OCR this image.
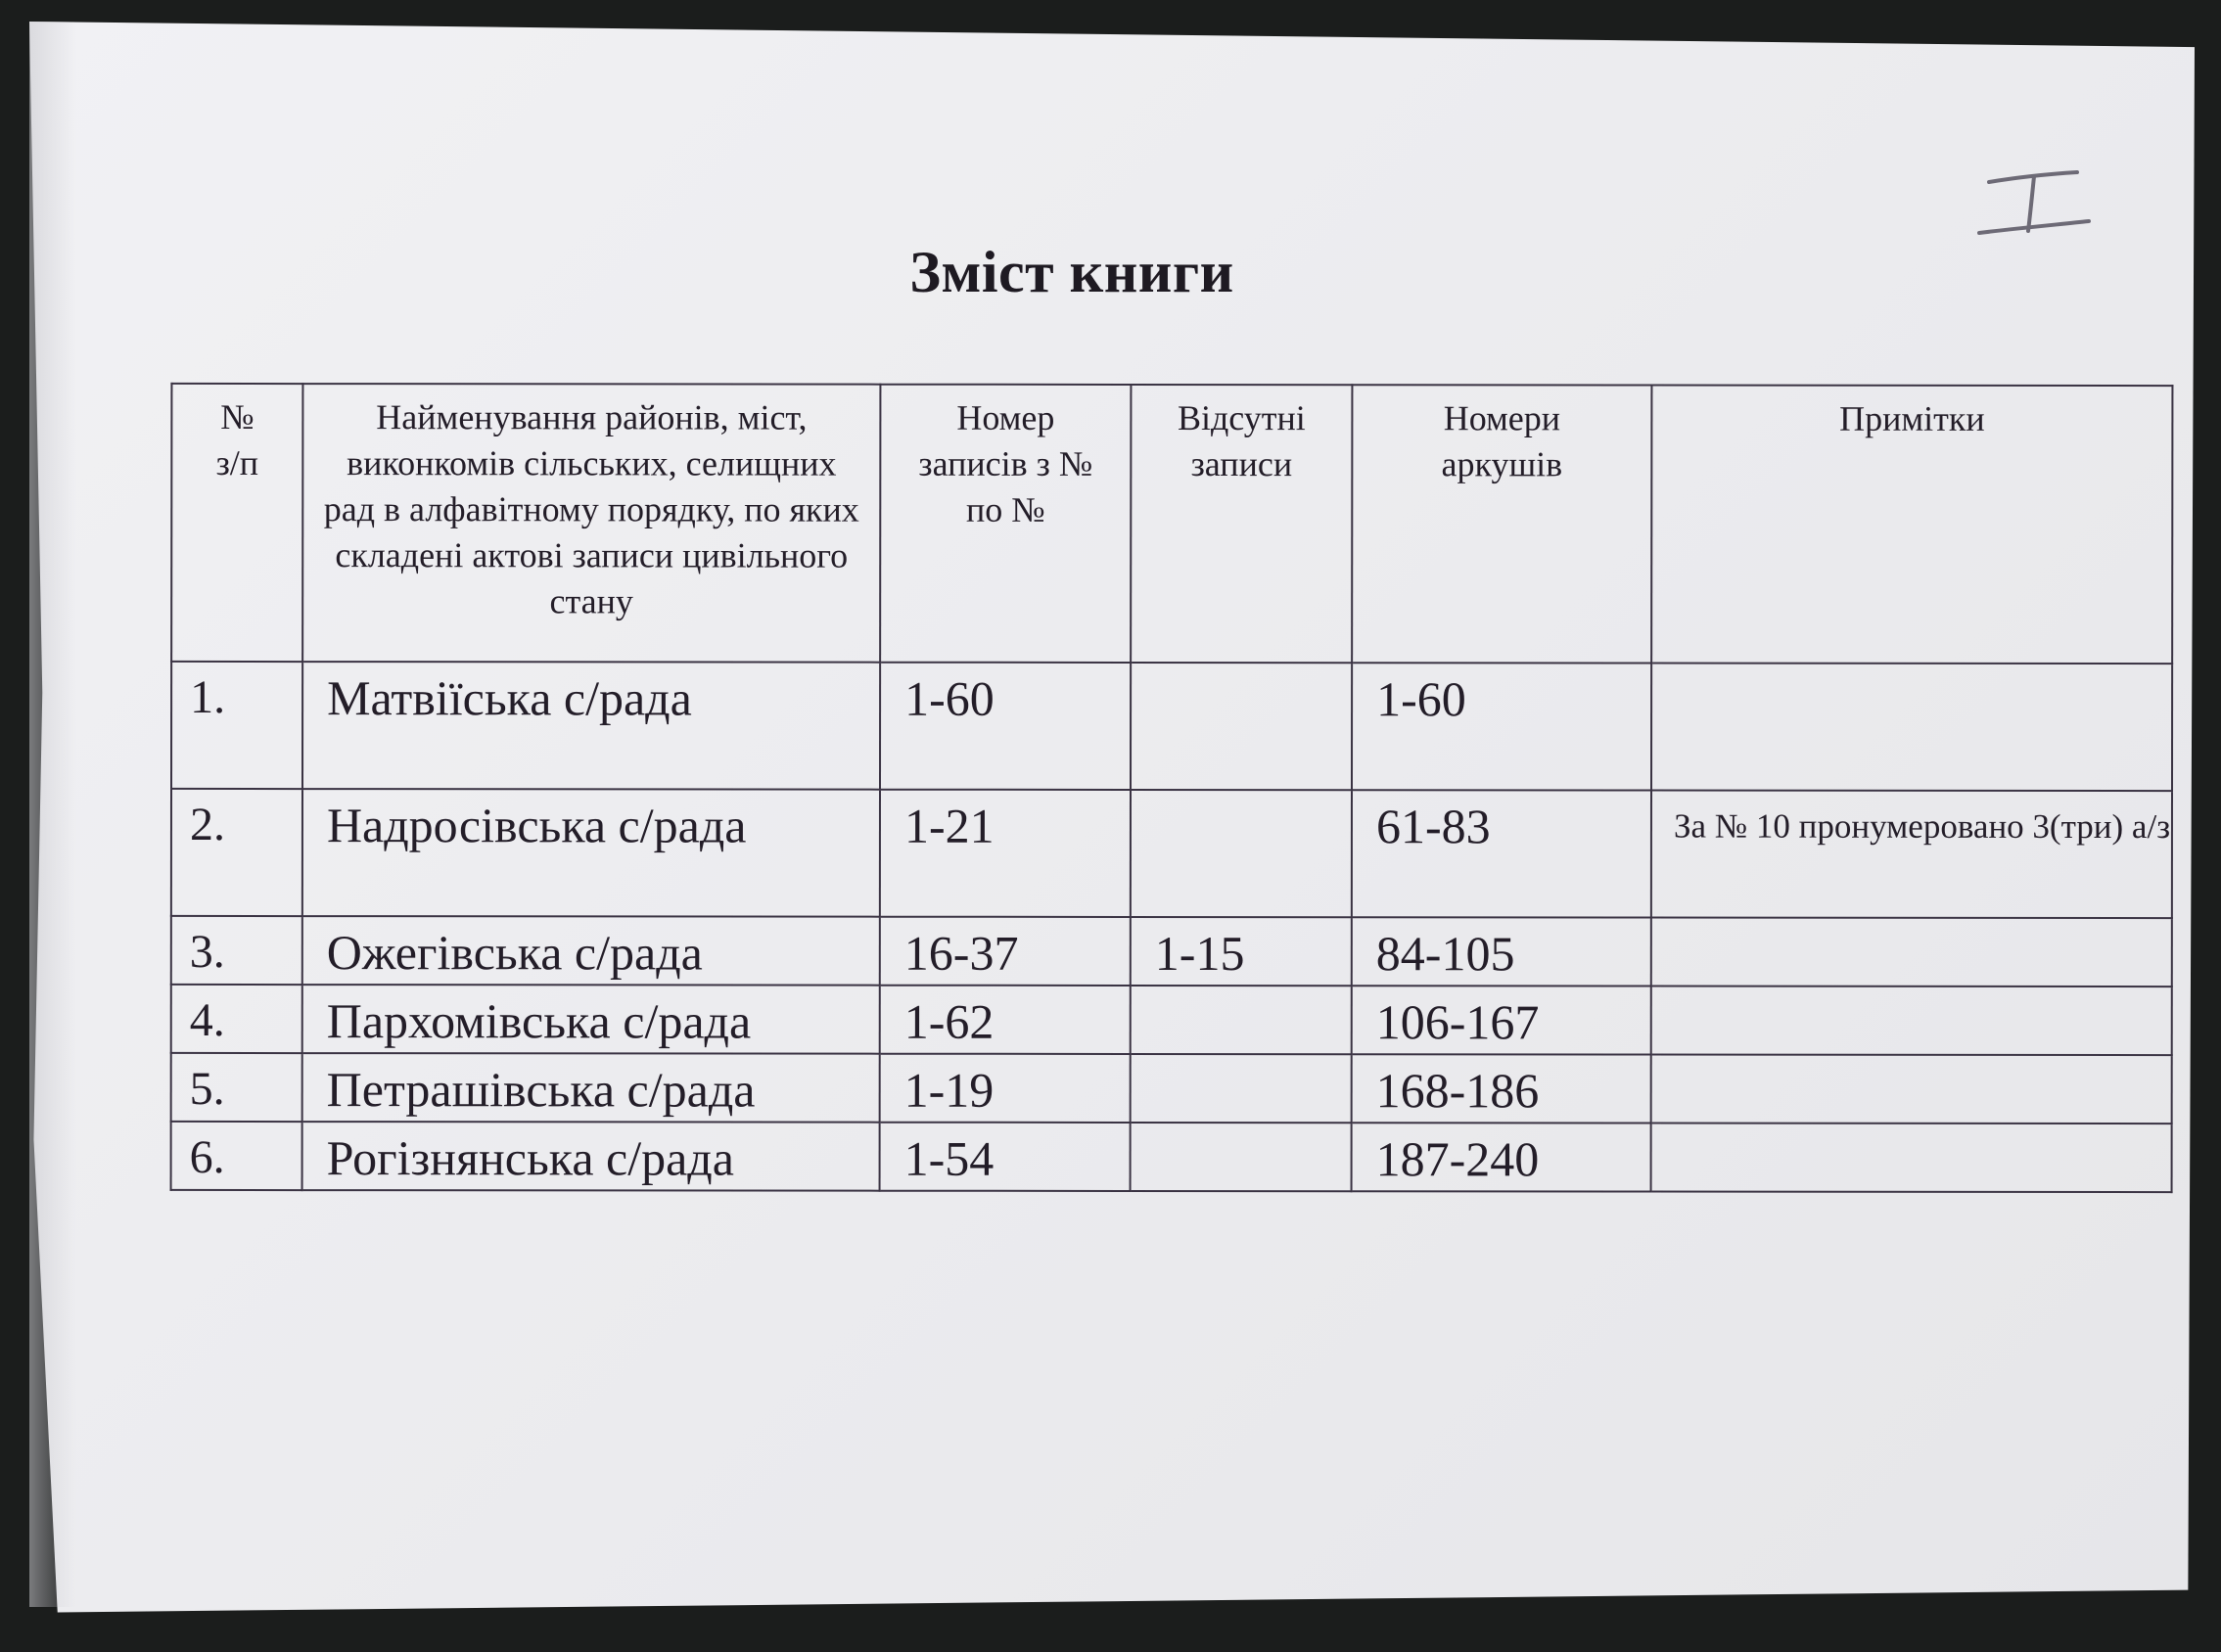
Зміст книги
№
з/п	Найменування районів, міст, виконкомів сільських, селищних рад в алфавітному порядку, по яких складені актові записи цивільного стану	Номер записів з № по №	Відсутні записи	Номери аркушів	Примітки
1.	Матвіїська с/рада	1-60		1-60	
2.	Надросівська с/рада	1-21		61-83	За № 10 пронумеровано 3(три) а/з
3.	Ожегівська с/рада	16-37	1-15	84-105	
4.	Пархомівська с/рада	1-62		106-167	
5.	Петрашівська с/рада	1-19		168-186	
6.	Рогізнянська с/рада	1-54		187-240	
